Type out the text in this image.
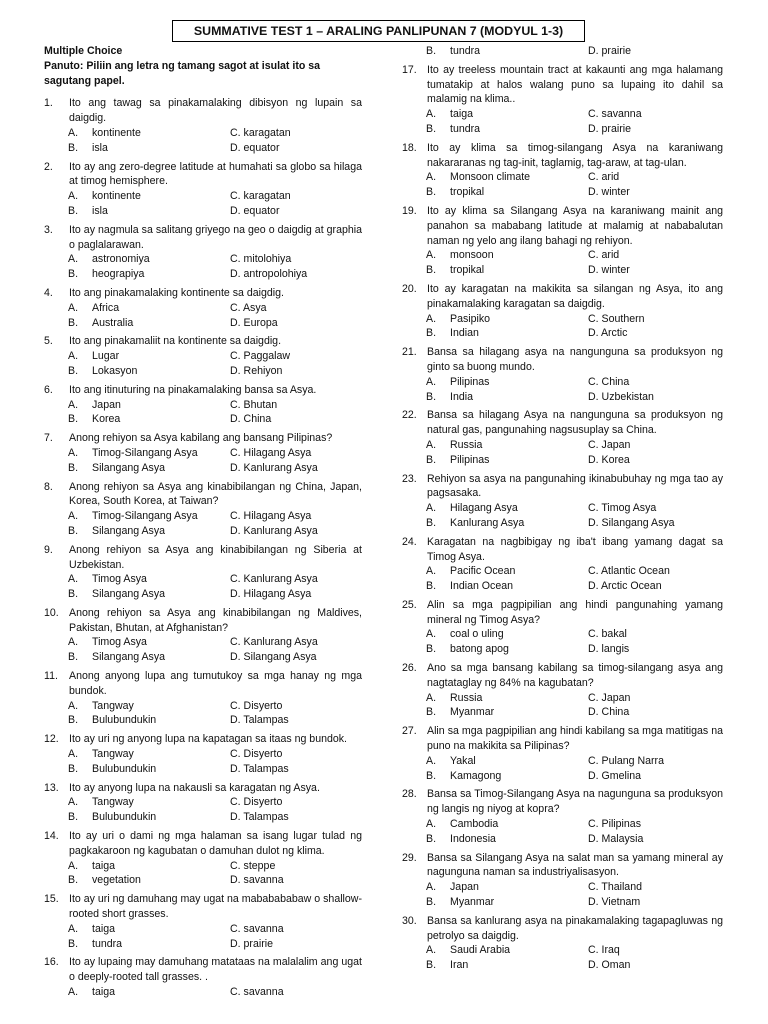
SUMMATIVE TEST 1 – ARALING PANLIPUNAN 7 (MODYUL 1-3)
Multiple Choice
Panuto: Piliin ang letra ng tamang sagot at isulat ito sa sagutang papel.
1.	Ito ang tawag sa pinakamalaking dibisyon ng lupain sa daigdig.
A.	kontinente	C. karagatan
B.	isla	D. equator
2.	Ito ay ang zero-degree latitude at humahati sa globo sa hilaga at timog hemisphere.
A.	kontinente	C. karagatan
B.	isla	D. equator
3.	Ito ay nagmula sa salitang griyego na geo o daigdig at graphia o paglalarawan.
A.	astronomiya	C. mitolohiya
B.	heograpiya	D. antropolohiya
4.	Ito ang pinakamalaking kontinente sa daigdig.
A.	Africa	C. Asya
B.	Australia	D. Europa
5.	Ito ang pinakamaliit na kontinente sa daigdig.
A.	Lugar	C. Paggalaw
B.	Lokasyon	D. Rehiyon
6.	Ito ang itinuturing na pinakamalaking bansa sa Asya.
A.	Japan	C. Bhutan
B.	Korea	D. China
7.	Anong rehiyon sa Asya kabilang ang bansang Pilipinas?
A.	Timog-Silangang Asya	C. Hilagang Asya
B.	Silangang Asya	D. Kanlurang Asya
8.	Anong rehiyon sa Asya ang kinabibilangan ng China, Japan, Korea, South Korea, at Taiwan?
A.	Timog-Silangang Asya	C. Hilagang Asya
B.	Silangang Asya	D. Kanlurang Asya
9.	Anong rehiyon sa Asya ang kinabibilangan ng Siberia at Uzbekistan.
A.	Timog Asya	C. Kanlurang Asya
B.	Silangang Asya	D. Hilagang Asya
10. Anong rehiyon sa Asya ang kinabibilangan ng Maldives, Pakistan, Bhutan, at Afghanistan?
A.	Timog Asya	C. Kanlurang Asya
B.	Silangang Asya	D. Silangang Asya
11.	Anong anyong lupa ang tumutukoy sa mga hanay ng mga bundok.
A.	Tangway	C. Disyerto
B.	Bulubundukin	D. Talampas
12. Ito ay uri ng anyong lupa na kapatagan sa itaas ng bundok.
A.	Tangway	C. Disyerto
B.	Bulubundukin	D. Talampas
13. Ito ay anyong lupa na nakausli sa karagatan ng Asya.
A.	Tangway	C. Disyerto
B.	Bulubundukin	D. Talampas
14. Ito ay uri o dami ng mga halaman sa isang lugar tulad ng pagkakaroon ng kagubatan o damuhan dulot ng klima.
A.	taiga	C. steppe
B.	vegetation	D. savanna
15. Ito ay uri ng damuhang may ugat na mababababaw o shallow-rooted short grasses.
A.	taiga	C. savanna
B.	tundra	D. prairie
16. Ito ay lupaing may damuhang matataas na malalalim ang ugat o deeply-rooted tall grasses. .
A.	taiga	C. savanna
B.	tundra	D. prairie
17. Ito ay treeless mountain tract at kakaunti ang mga halamang tumatakip at halos walang puno sa lupaing ito dahil sa malamig na klima..
A.	taiga	C. savanna
B.	tundra	D. prairie
18. Ito ay klima sa timog-silangang Asya na karaniwang nakararanas ng tag-init, taglamig, tag-araw, at tag-ulan.
A.	Monsoon climate	C. arid
B.	tropikal	D. winter
19. Ito ay klima sa Silangang Asya na karaniwang mainit ang panahon sa mababang latitude at malamig at nababalutan naman ng yelo ang ilang bahagi ng rehiyon.
A.	monsoon	C. arid
B.	tropikal	D. winter
20. Ito ay karagatan na makikita sa silangan ng Asya, ito ang pinakamalaking karagatan sa daigdig.
A.	Pasipiko	C. Southern
B.	Indian	D. Arctic
21. Bansa sa hilagang asya na nangunguna sa produksyon ng ginto sa buong mundo.
A.	Pilipinas	C. China
B.	India	D. Uzbekistan
22. Bansa sa hilagang Asya na nangunguna sa produksyon ng natural gas, pangunahing nagsusuplay sa China.
A.	Russia	C. Japan
B.	Pilipinas	D. Korea
23. Rehiyon sa asya na pangunahing ikinabubuhay ng mga tao ay pagsasaka.
A.	Hilagang Asya	C. Timog Asya
B.	Kanlurang Asya	D. Silangang Asya
24. Karagatan na nagbibigay ng iba't ibang yamang dagat sa Timog Asya.
A.	Pacific Ocean	C. Atlantic Ocean
B.	Indian Ocean	D. Arctic Ocean
25. Alin sa mga pagpipilian ang hindi pangunahing yamang mineral ng Timog Asya?
A.	coal o uling	C. bakal
B.	batong apog	D. langis
26. Ano sa mga bansang kabilang sa timog-silangang asya ang nagtataglay ng 84% na kagubatan?
A.	Russia	C. Japan
B.	Myanmar	D. China
27. Alin sa mga pagpipilian ang hindi kabilang sa mga matitigas na puno na makikita sa Pilipinas?
A.	Yakal	C. Pulang Narra
B.	Kamagong	D. Gmelina
28. Bansa sa Timog-Silangang Asya na nagunguna sa produksyon ng langis ng niyog at kopra?
A.	Cambodia	C. Pilipinas
B.	Indonesia	D. Malaysia
29. Bansa sa Silangang Asya na salat man sa yamang mineral ay nagunguna naman sa industriyalisasyon.
A.	Japan	C. Thailand
B.	Myanmar	D. Vietnam
30. Bansa sa kanlurang asya na pinakamalaking tagapagluwas ng petrolyo sa daigdig.
A.	Saudi Arabia	C. Iraq
B.	Iran	D. Oman
